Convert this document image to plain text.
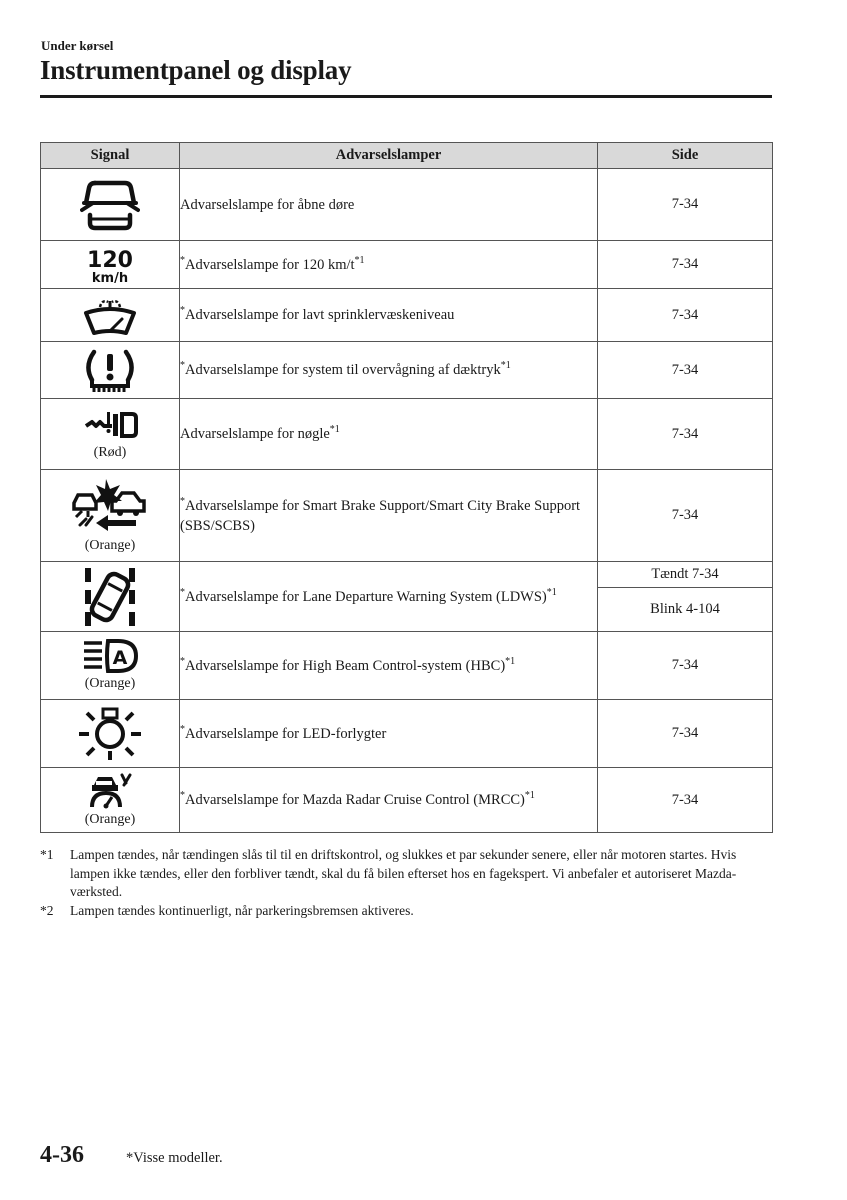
Under kørsel
Instrumentpanel og display
Signal	Advarselslamper	Side

	Advarselslampe for åbne døre	7-34

120
km/h	*Advarselslampe for 120 $km/t^{*1}$	7-34

	*Advarselslampe for lavt sprinklervæskeniveau	7-34

	*Advarselslampe for system til overvågning af dæktryk$^{*1}$	7-34

(Rød)	Advarselslampe for nøgle$^{*1}$	7-34

(Orange)	*Advarselslampe for Smart Brake Support/Smart City Brake Support (SBS/SCBS)	7-34

	*Advarselslampe for Lane Departure Warning System (LDWS)$^{*1}$	Tændt 7-34
		Blink 4-104

A
(Orange)	*Advarselslampe for High Beam Control-system (HBC)$^{*1}$	7-34

	*Advarselslampe for LED-forlygter	7-34

(Orange)	*Advarselslampe for Mazda Radar Cruise Control (MRCC)$^{*1}$	7-34
*1	Lampen tændes, når tændingen slås til til en driftskontrol, og slukkes et par sekunder senere, eller når motoren startes. Hvis lampen ikke tændes, eller den forbliver tændt, skal du få bilen efterset hos en fagekspert. Vi anbefaler et autoriseret Mazda-værksted.
*2	Lampen tændes kontinuerligt, når parkeringsbremsen aktiveres.
4-36	*Visse modeller.
